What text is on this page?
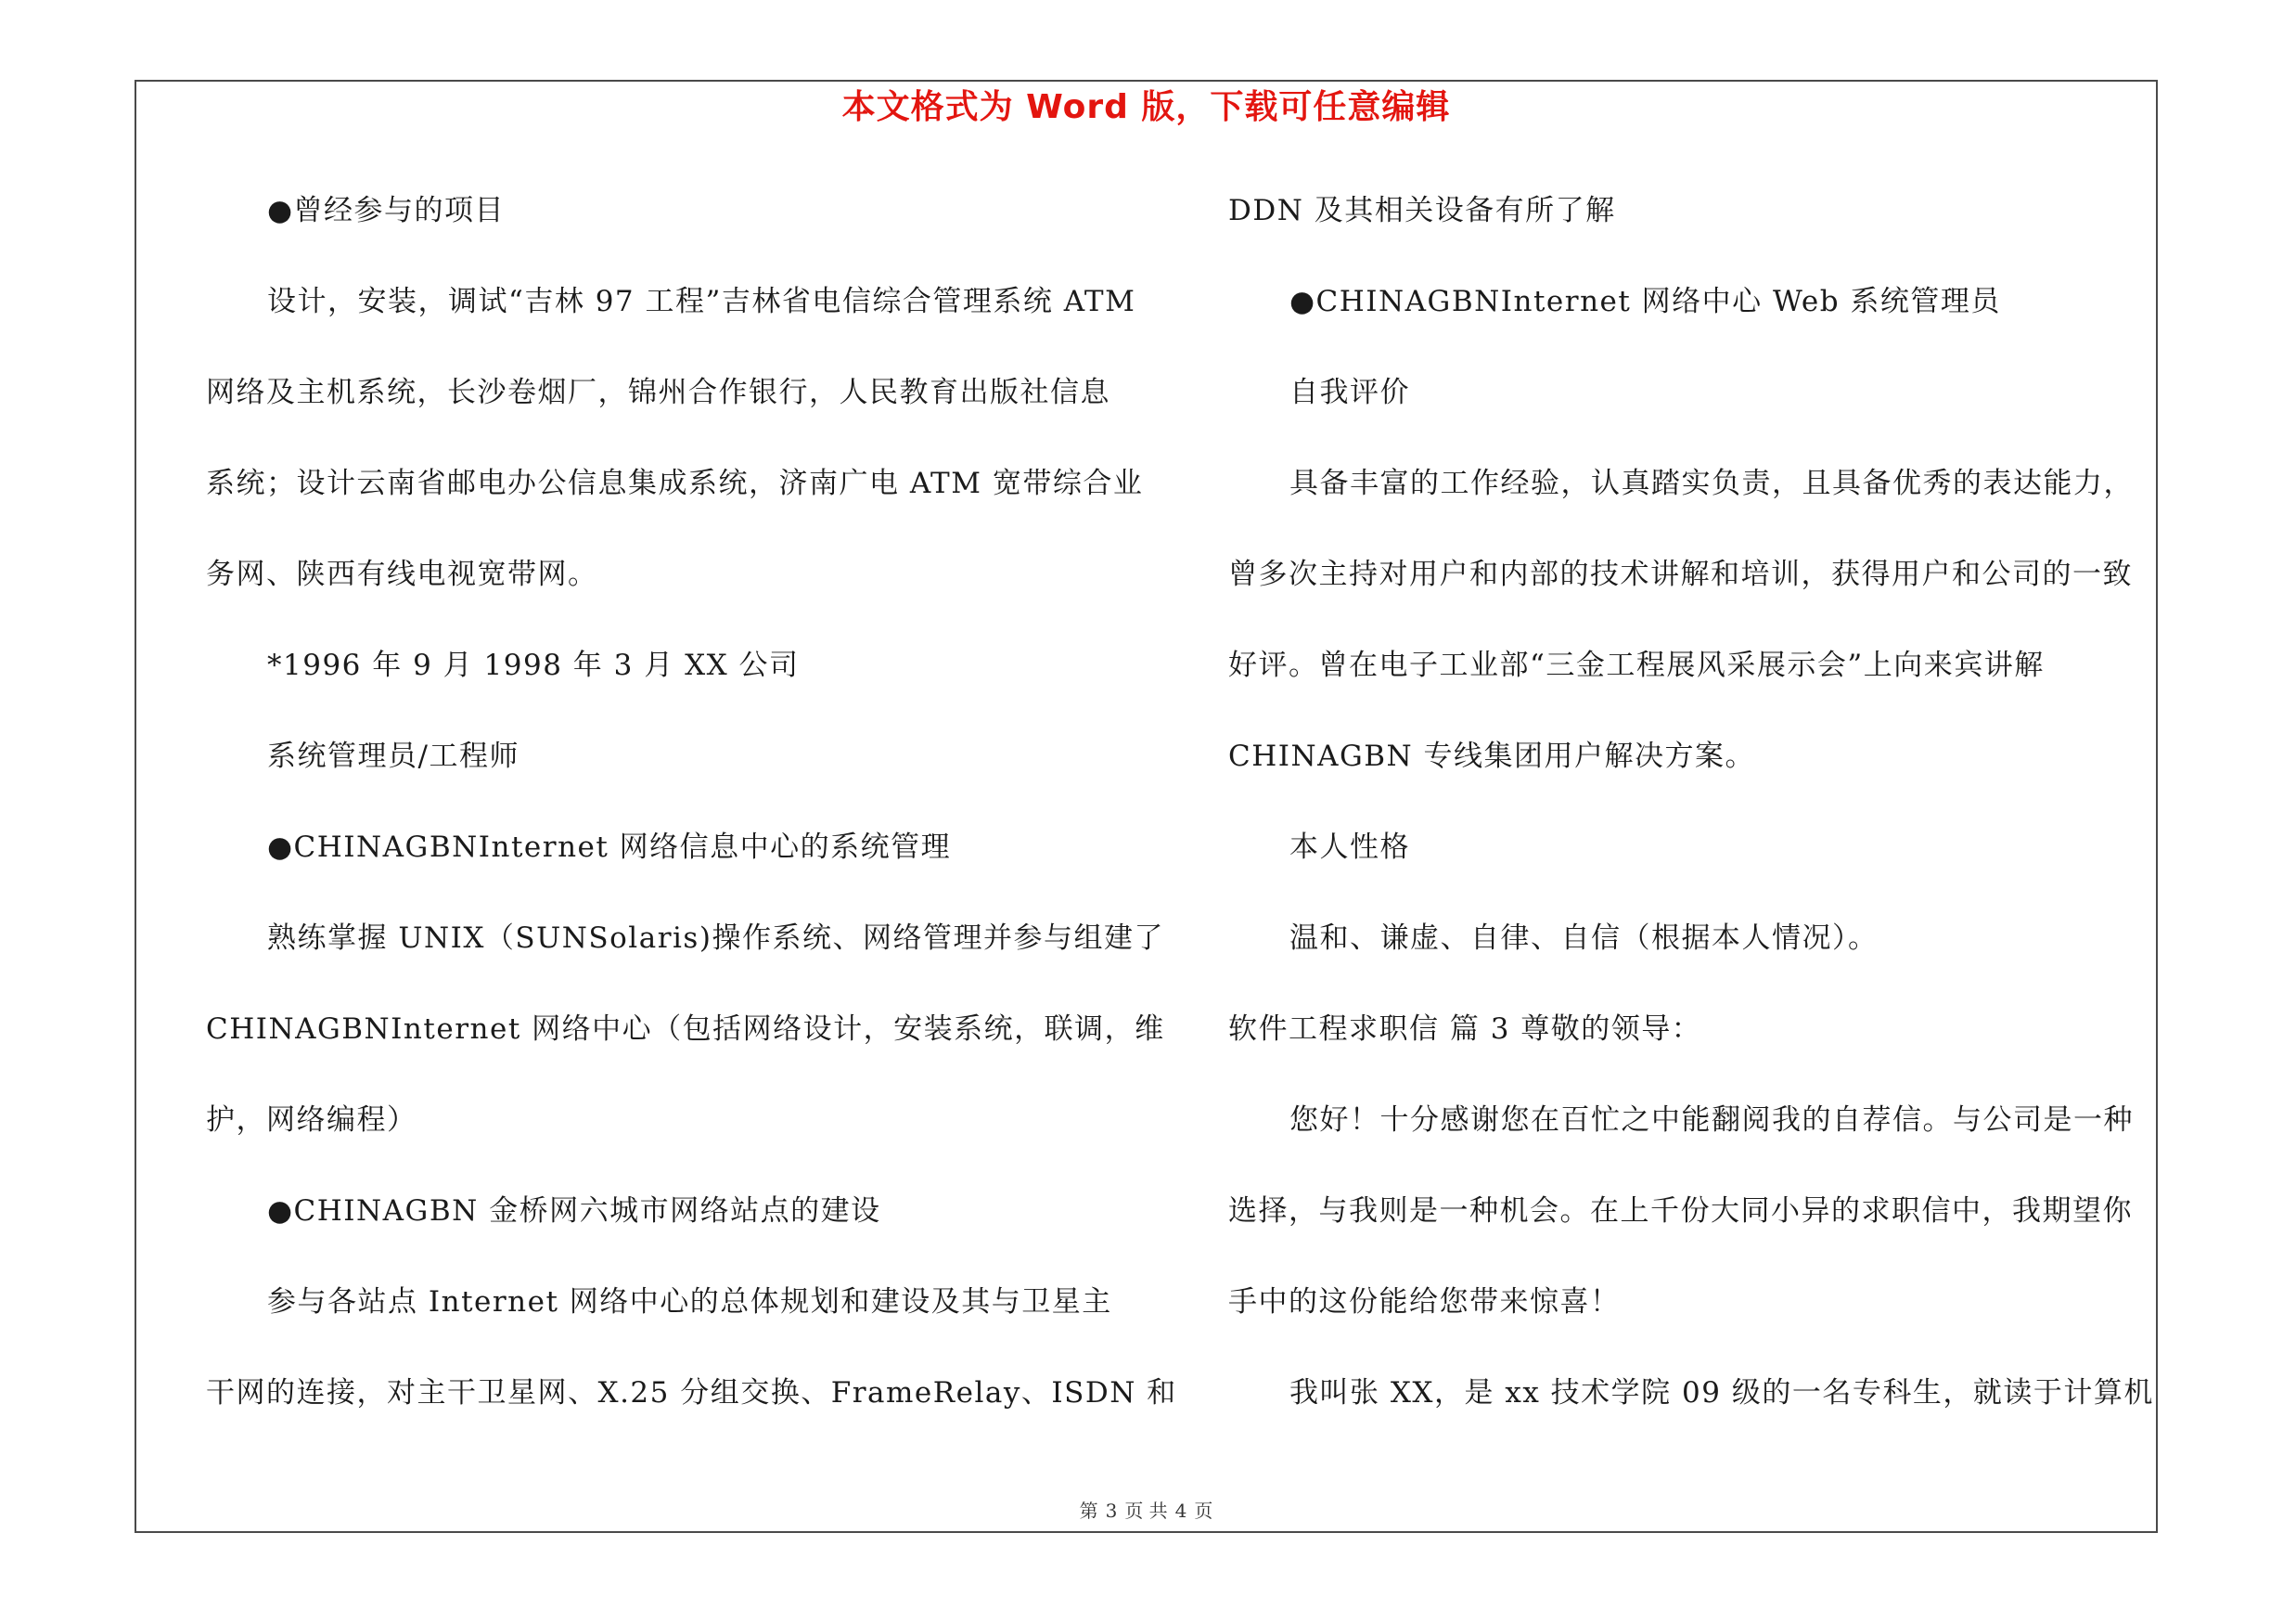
本文格式为 Word 版，下载可任意编辑
●曾经参与的项目
设计，安装，调试“吉林 97 工程”吉林省电信综合管理系统 ATM
网络及主机系统，长沙卷烟厂，锦州合作银行，人民教育出版社信息
系统；设计云南省邮电办公信息集成系统，济南广电 ATM 宽带综合业
务网、陕西有线电视宽带网。
*1996 年 9 月 1998 年 3 月 XX 公司
系统管理员/工程师
●CHINAGBNInternet 网络信息中心的系统管理
熟练掌握 UNIX（SUNSolaris)操作系统、网络管理并参与组建了
CHINAGBNInternet 网络中心（包括网络设计，安装系统，联调，维
护，网络编程）
●CHINAGBN 金桥网六城市网络站点的建设
参与各站点 Internet 网络中心的总体规划和建设及其与卫星主
干网的连接，对主干卫星网、X.25 分组交换、FrameRelay、ISDN 和
DDN 及其相关设备有所了解
●CHINAGBNInternet 网络中心 Web 系统管理员
自我评价
具备丰富的工作经验，认真踏实负责，且具备优秀的表达能力，
曾多次主持对用户和内部的技术讲解和培训，获得用户和公司的一致
好评。曾在电子工业部“三金工程展风采展示会”上向来宾讲解
CHINAGBN 专线集团用户解决方案。
本人性格
温和、谦虚、自律、自信（根据本人情况）。
软件工程求职信 篇 3 尊敬的领导：
您好！十分感谢您在百忙之中能翻阅我的自荐信。与公司是一种
选择，与我则是一种机会。在上千份大同小异的求职信中，我期望你
手中的这份能给您带来惊喜！
我叫张 XX，是 xx 技术学院 09 级的一名专科生，就读于计算机
第 3 页 共 4 页
